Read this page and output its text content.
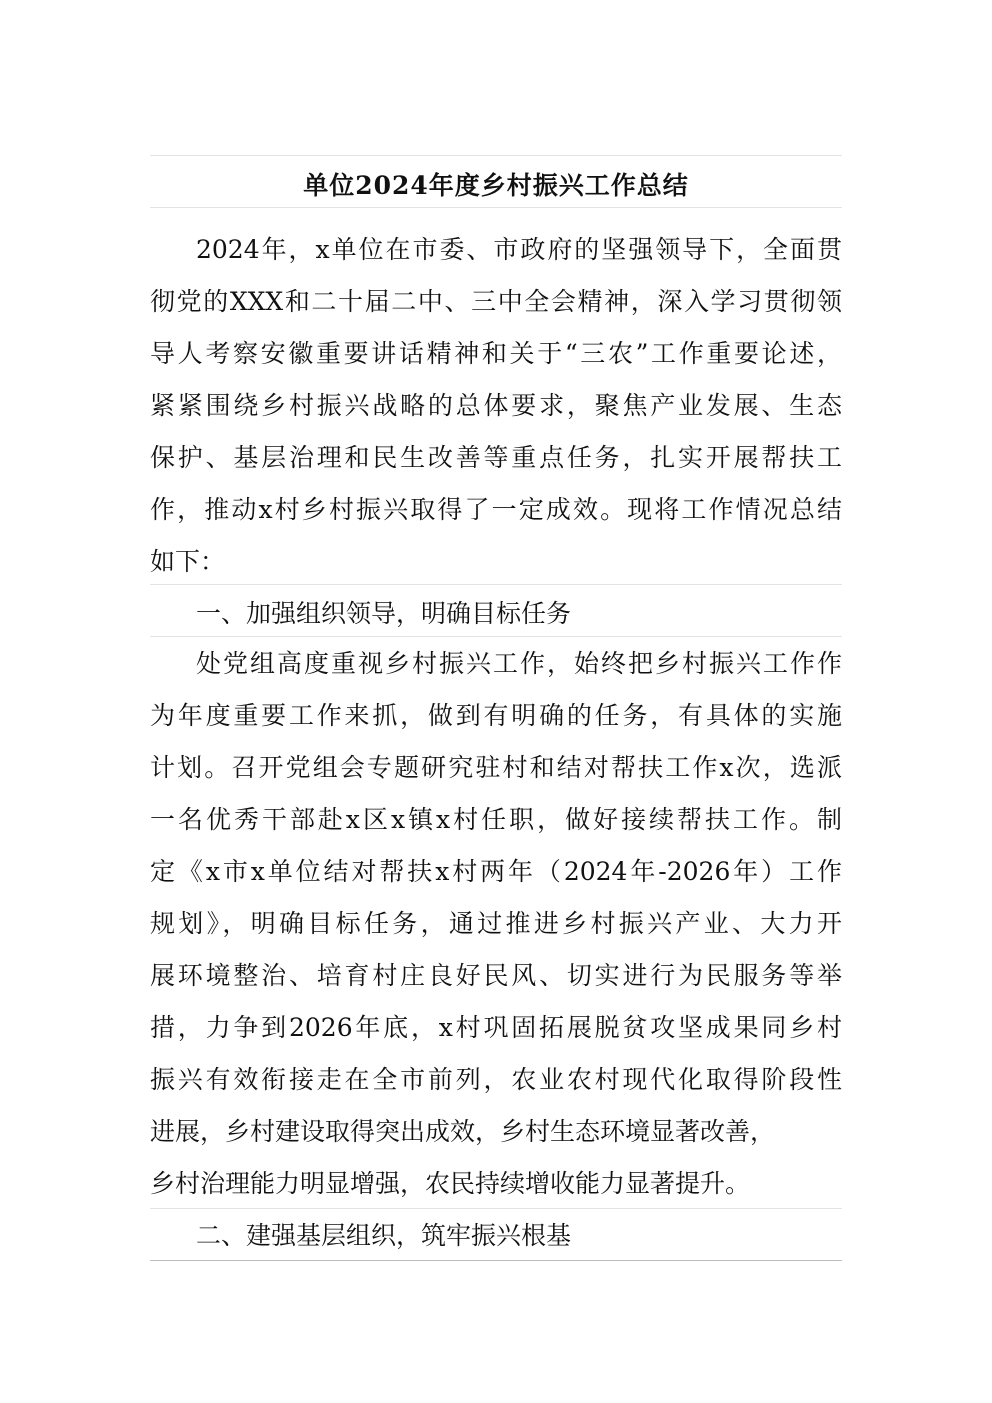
单位2024年度乡村振兴工作总结
2024年，x单位在市委、市政府的坚强领导下，全面贯
彻党的XXX和二十届二中、三中全会精神，深入学习贯彻领
导人考察安徽重要讲话精神和关于“三农”工作重要论述，
紧紧围绕乡村振兴战略的总体要求，聚焦产业发展、生态
保护、基层治理和民生改善等重点任务，扎实开展帮扶工
作，推动x村乡村振兴取得了一定成效。现将工作情况总结
如下：
一、加强组织领导，明确目标任务
处党组高度重视乡村振兴工作，始终把乡村振兴工作作
为年度重要工作来抓，做到有明确的任务，有具体的实施
计划。召开党组会专题研究驻村和结对帮扶工作x次，选派
一名优秀干部赴x区x镇x村任职，做好接续帮扶工作。制
定《x市x单位结对帮扶x村两年（2024年-2026年）工作
规划》，明确目标任务，通过推进乡村振兴产业、大力开
展环境整治、培育村庄良好民风、切实进行为民服务等举
措，力争到2026年底，x村巩固拓展脱贫攻坚成果同乡村
振兴有效衔接走在全市前列，农业农村现代化取得阶段性
进展，乡村建设取得突出成效，乡村生态环境显著改善，
乡村治理能力明显增强，农民持续增收能力显著提升。
二、建强基层组织，筑牢振兴根基
